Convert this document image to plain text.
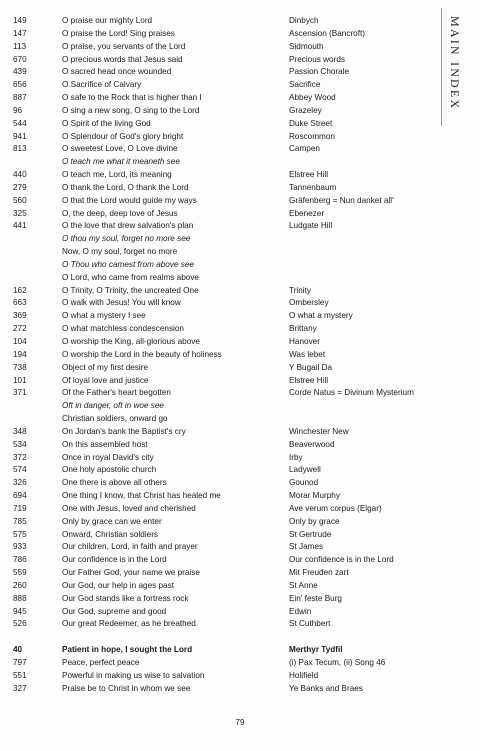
MAIN INDEX
149	O praise our mighty Lord	Dinbych
147	O praise the Lord! Sing praises	Ascension (Bancroft)
113	O praise, you servants of the Lord	Sidmouth
670	O precious words that Jesus said	Precious words
439	O sacred head once wounded	Passion Chorale
656	O Sacrifice of Calvary	Sacrifice
887	O safe to the Rock that is higher than I	Abbey Wood
96	O sing a new song, O sing to the Lord	Grazeley
544	O Spirit of the living God	Duke Street
941	O Splendour of God's glory bright	Roscommon
813	O sweetest Love, O Love divine	Campen
O teach me what it meaneth see
440	O teach me, Lord, its meaning	Elstree Hill
279	O thank the Lord, O thank the Lord	Tannenbaum
560	O that the Lord would guide my ways	Gräfenberg = Nun danket all'
325	O, the deep, deep love of Jesus	Ebenezer
441	O the love that drew salvation's plan	Ludgate Hill
O thou my soul, forget no more see
Now, O my soul, forget no more
O Thou who camest from above see
O Lord, who came from realms above
162	O Trinity, O Trinity, the uncreated One	Trinity
663	O walk with Jesus! You will know	Ombersley
369	O what a mystery I see	O what a mystery
272	O what matchless condescension	Brittany
104	O worship the King, all-glorious above	Hanover
194	O worship the Lord in the beauty of holiness	Was lebet
738	Object of my first desire	Y Bugail Da
101	Of loyal love and justice	Elstree Hill
371	Of the Father's heart begotten	Corde Natus = Divinum Mysterium
Oft in danger, oft in woe see
Christian soldiers, onward go
348	On Jordan's bank the Baptist's cry	Winchester New
534	On this assembled host	Beaverwood
372	Once in royal David's city	Irby
574	One holy apostolic church	Ladywell
326	One there is above all others	Gounod
694	One thing I know, that Christ has healed me	Morar Murphy
719	One with Jesus, loved and cherished	Ave verum corpus (Elgar)
785	Only by grace can we enter	Only by grace
575	Onward, Christian soldiers	St Gertrude
933	Our children, Lord, in faith and prayer	St James
786	Our confidence is in the Lord	Our confidence is in the Lord
559	Our Father God, your name we praise	Mit Freuden zart
260	Our God, our help in ages past	St Anne
888	Our God stands like a fortress rock	Ein' feste Burg
945	Our God, supreme and good	Edwin
526	Our great Redeemer, as he breathed	St Cuthbert
40	Patient in hope, I sought the Lord	Merthyr Tydfil
797	Peace, perfect peace	(i) Pax Tecum, (ii) Song 46
551	Powerful in making us wise to salvation	Holifield
327	Praise be to Christ in whom we see	Ye Banks and Braes
79
